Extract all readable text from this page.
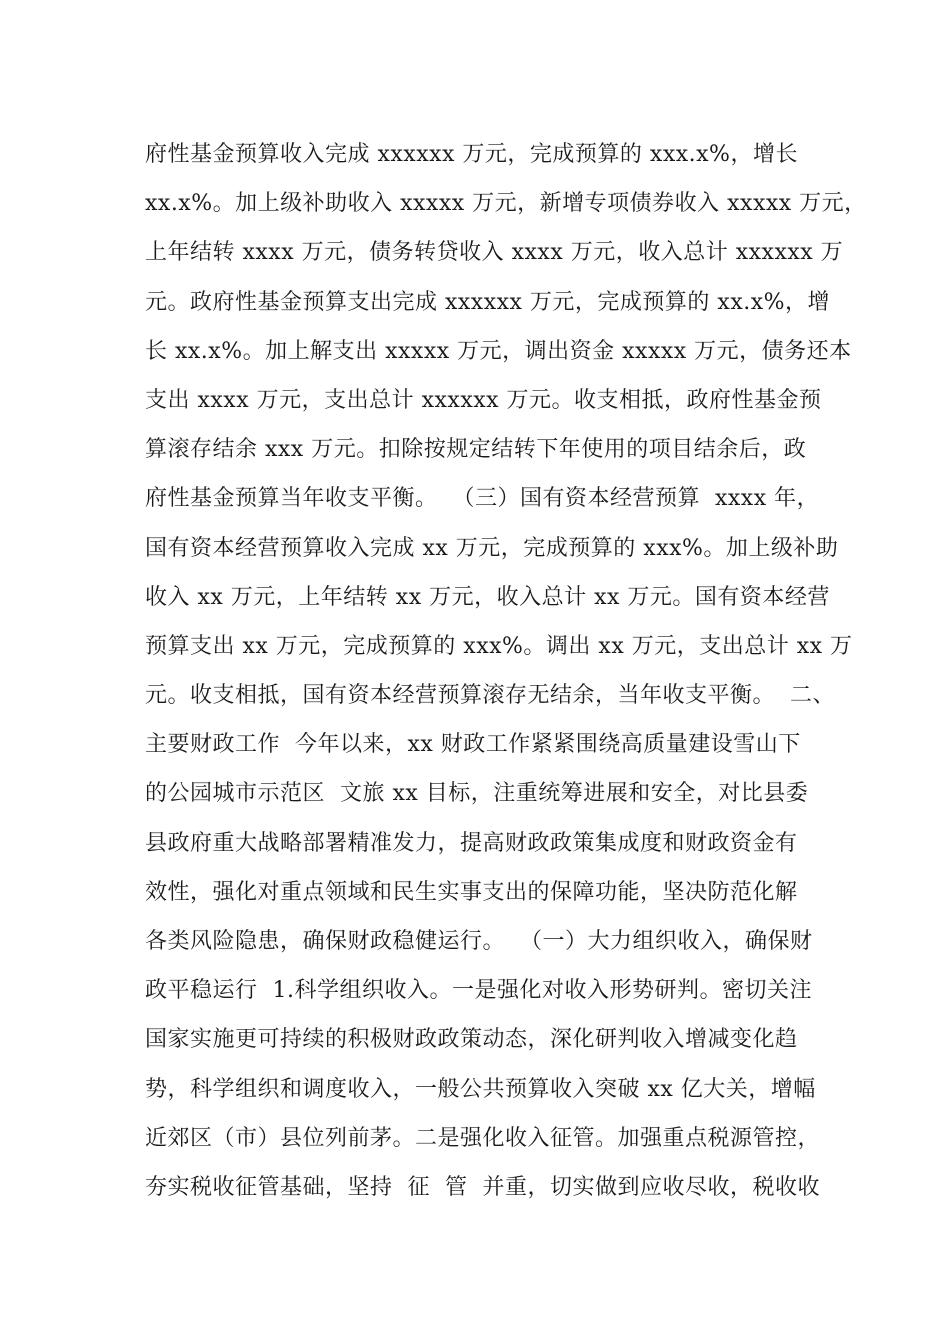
府性基金预算收入完成 xxxxxx 万元，完成预算的 xxx.x%，增长
xx.x%。加上级补助收入 xxxxx 万元，新增专项债券收入 xxxxx 万元，
上年结转 xxxx 万元，债务转贷收入 xxxx 万元，收入总计 xxxxxx 万
元。政府性基金预算支出完成 xxxxxx 万元，完成预算的 xx.x%，增
长 xx.x%。加上解支出 xxxxx 万元，调出资金 xxxxx 万元，债务还本
支出 xxxx 万元，支出总计 xxxxxx 万元。收支相抵，政府性基金预
算滚存结余 xxx 万元。扣除按规定结转下年使用的项目结余后，政
府性基金预算当年收支平衡。  （三）国有资本经营预算  xxxx 年，
国有资本经营预算收入完成 xx 万元，完成预算的 xxx%。加上级补助
收入 xx 万元，上年结转 xx 万元，收入总计 xx 万元。国有资本经营
预算支出 xx 万元，完成预算的 xxx%。调出 xx 万元，支出总计 xx 万
元。收支相抵，国有资本经营预算滚存无结余，当年收支平衡。  二、
主要财政工作  今年以来，xx 财政工作紧紧围绕高质量建设雪山下
的公园城市示范区  文旅 xx 目标，注重统筹进展和安全，对比县委
县政府重大战略部署精准发力，提高财政政策集成度和财政资金有
效性，强化对重点领域和民生实事支出的保障功能，坚决防范化解
各类风险隐患，确保财政稳健运行。  （一）大力组织收入，确保财
政平稳运行  1.科学组织收入。一是强化对收入形势研判。密切关注
国家实施更可持续的积极财政政策动态，深化研判收入增减变化趋
势，科学组织和调度收入，一般公共预算收入突破 xx 亿大关，增幅
近郊区（市）县位列前茅。二是强化收入征管。加强重点税源管控，
夯实税收征管基础，坚持  征  管  并重，切实做到应收尽收，税收收
